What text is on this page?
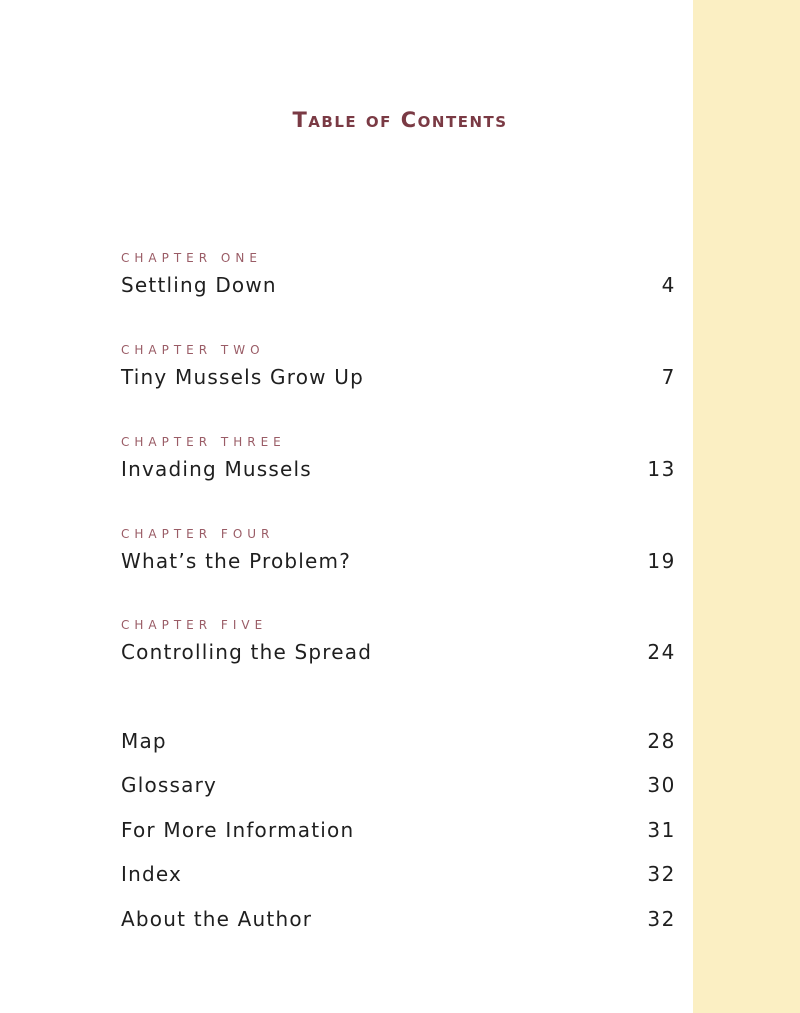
Table of Contents
CHAPTER ONE
Settling Down	4
CHAPTER TWO
Tiny Mussels Grow Up	7
CHAPTER THREE
Invading Mussels	13
CHAPTER FOUR
What’s the Problem?	19
CHAPTER FIVE
Controlling the Spread	24
Map	28
Glossary	30
For More Information	31
Index	32
About the Author	32
